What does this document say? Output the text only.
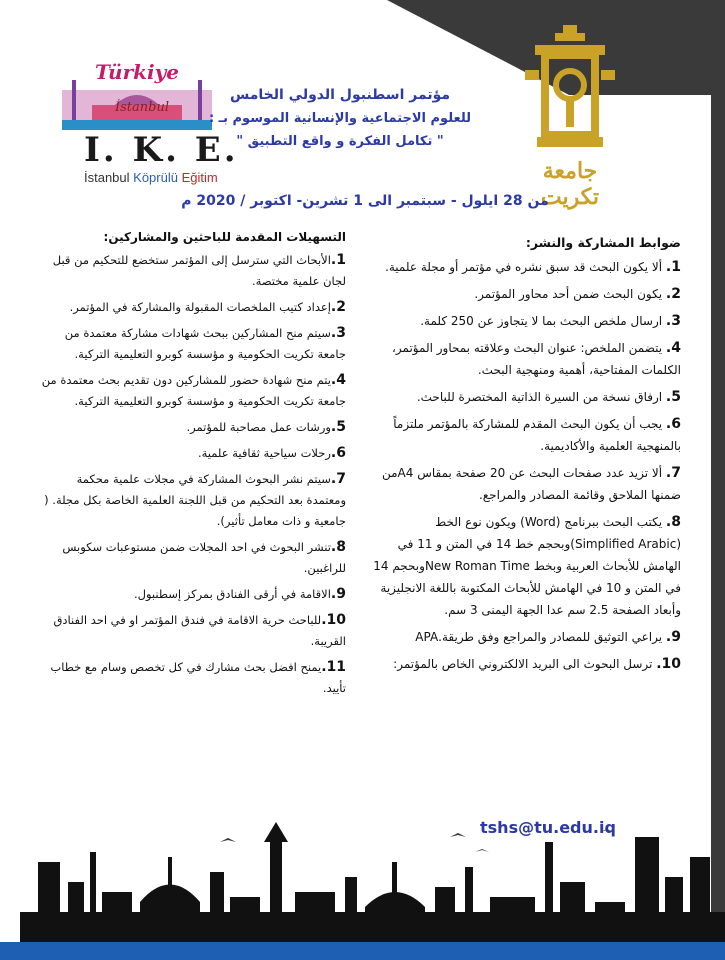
جامعة تكريت
Türkiye
İstanbul
I. K. E.
İstanbul Köprülü Eğitim
مؤتمر اسطنبول الدولي الخامس
للعلوم الاجتماعية والإنسانية الموسوم بـ :
" تكامل الفكرة و واقع التطبيق "
من 28 ايلول - سبتمبر الى 1 تشرين- اكتوبر / 2020 م
ضوابط المشاركة والنشر:

1. ألا يكون البحث قد سبق نشره في مؤتمر أو مجلة علمية.

2. يكون البحث ضمن أحد محاور المؤتمر.

3. ارسال ملخص البحث بما لا يتجاوز عن 250 كلمة.

4. يتضمن الملخص: عنوان البحث وعلاقته بمحاور المؤتمر، الكلمات المفتاحية، أهمية ومنهجية البحث.

5. ارفاق نسخة من السيرة الذاتية المختصرة للباحث.

6. يجب أن يكون البحث المقدم للمشاركة بالمؤتمر ملتزماً بالمنهجية العلمية والأكاديمية.

7. ألا تزيد عدد صفحات البحث عن 20 صفحة بمقاس A4من ضمنها الملاحق وقائمة المصادر والمراجع.

8. يكتب البحث ببرنامج (Word) ويكون نوع الخط (Simplified Arabic)وبحجم خط 14 في المتن و 11 في الهامش للأبحاث العربية وبخط New Roman Timeوبحجم 14 في المتن و 10 في الهامش للأبحاث المكتوبة باللغة الانجليزية وأبعاد الصفحة 2.5 سم عدا الجهة اليمنى 3 سم.

9. يراعي التوثيق للمصادر والمراجع وفق طريقة.APA

10. ترسل البحوث الى البريد الالكتروني الخاص بالمؤتمر:

tshs@tu.edu.iq
التسهيلات المقدمة للباحثين والمشاركين:

1.الأبحاث التي سترسل إلى المؤتمر ستخضع للتحكيم من قبل لجان علمية مختصة.

2.إعداد كتيب الملخصات المقبولة والمشاركة في المؤتمر.

3.سيتم منح المشاركين ببحث شهادات مشاركة معتمدة من جامعة تكريت الحكومية و مؤسسة كوبرو التعليمية التركية.

4.يتم منح شهادة حضور للمشاركين دون تقديم بحث معتمدة من جامعة تكريت الحكومية و مؤسسة كوبرو التعليمية التركية.

5.ورشات عمل مصاحبة للمؤتمر.

6.رحلات سياحية ثقافية علمية.

7.سيتم نشر البحوث المشاركة في مجلات علمية محكمة ومعتمدة بعد التحكيم من قبل اللجنة العلمية الخاصة بكل مجلة. ( جامعية و ذات معامل تأثير).

8.تنشر البحوث في احد المجلات ضمن مستوعبات سكوبس للراغبين.

9.الاقامة في أرقى الفنادق بمركز إسطنبول.

10.للباحث حرية الاقامة في فندق المؤتمر او في احد الفنادق القريبة.

11.يمنح افضل بحث مشارك في كل تخصص وسام مع خطاب تأييد.
